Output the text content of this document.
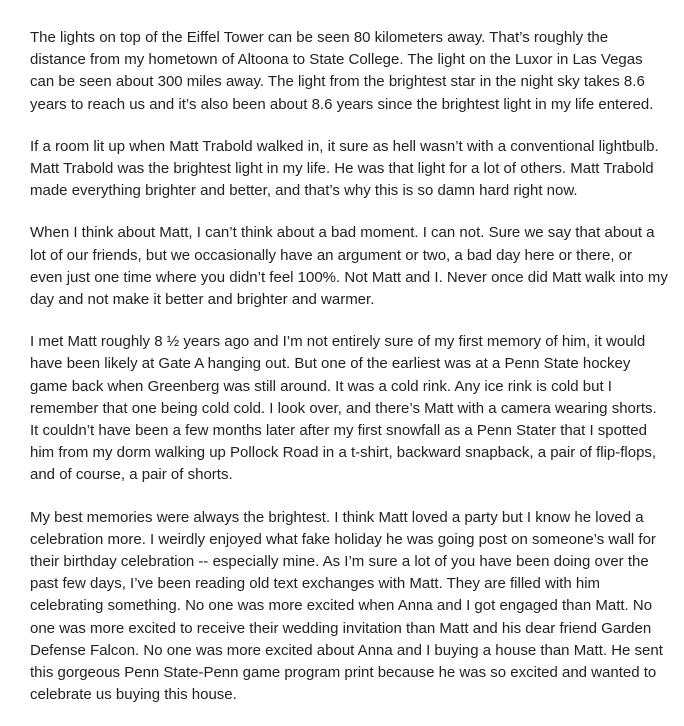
The lights on top of the Eiffel Tower can be seen 80 kilometers away. That’s roughly the
distance from my hometown of Altoona to State College. The light on the Luxor in Las Vegas
can be seen about 300 miles away. The light from the brightest star in the night sky takes 8.6
years to reach us and it’s also been about 8.6 years since the brightest light in my life entered.

If a room lit up when Matt Trabold walked in, it sure as hell wasn’t with a conventional lightbulb.
Matt Trabold was the brightest light in my life. He was that light for a lot of others. Matt Trabold
made everything brighter and better, and that’s why this is so damn hard right now.

When I think about Matt, I can’t think about a bad moment. I can not. Sure we say that about a
lot of our friends, but we occasionally have an argument or two, a bad day here or there, or
even just one time where you didn’t feel 100%. Not Matt and I. Never once did Matt walk into my
day and not make it better and brighter and warmer.

I met Matt roughly 8 ½ years ago and I’m not entirely sure of my first memory of him, it would
have been likely at Gate A hanging out. But one of the earliest was at a Penn State hockey
game back when Greenberg was still around. It was a cold rink. Any ice rink is cold but I
remember that one being cold cold. I look over, and there’s Matt with a camera wearing shorts.
It couldn’t have been a few months later after my first snowfall as a Penn Stater that I spotted
him from my dorm walking up Pollock Road in a t-shirt, backward snapback, a pair of flip-flops,
and of course, a pair of shorts.

My best memories were always the brightest. I think Matt loved a party but I know he loved a
celebration more. I weirdly enjoyed what fake holiday he was going post on someone’s wall for
their birthday celebration -- especially mine. As I’m sure a lot of you have been doing over the
past few days, I’ve been reading old text exchanges with Matt. They are filled with him
celebrating something. No one was more excited when Anna and I got engaged than Matt. No
one was more excited to receive their wedding invitation than Matt and his dear friend Garden
Defense Falcon. No one was more excited about Anna and I buying a house than Matt. He sent
this gorgeous Penn State-Penn game program print because he was so excited and wanted to
celebrate us buying this house.
